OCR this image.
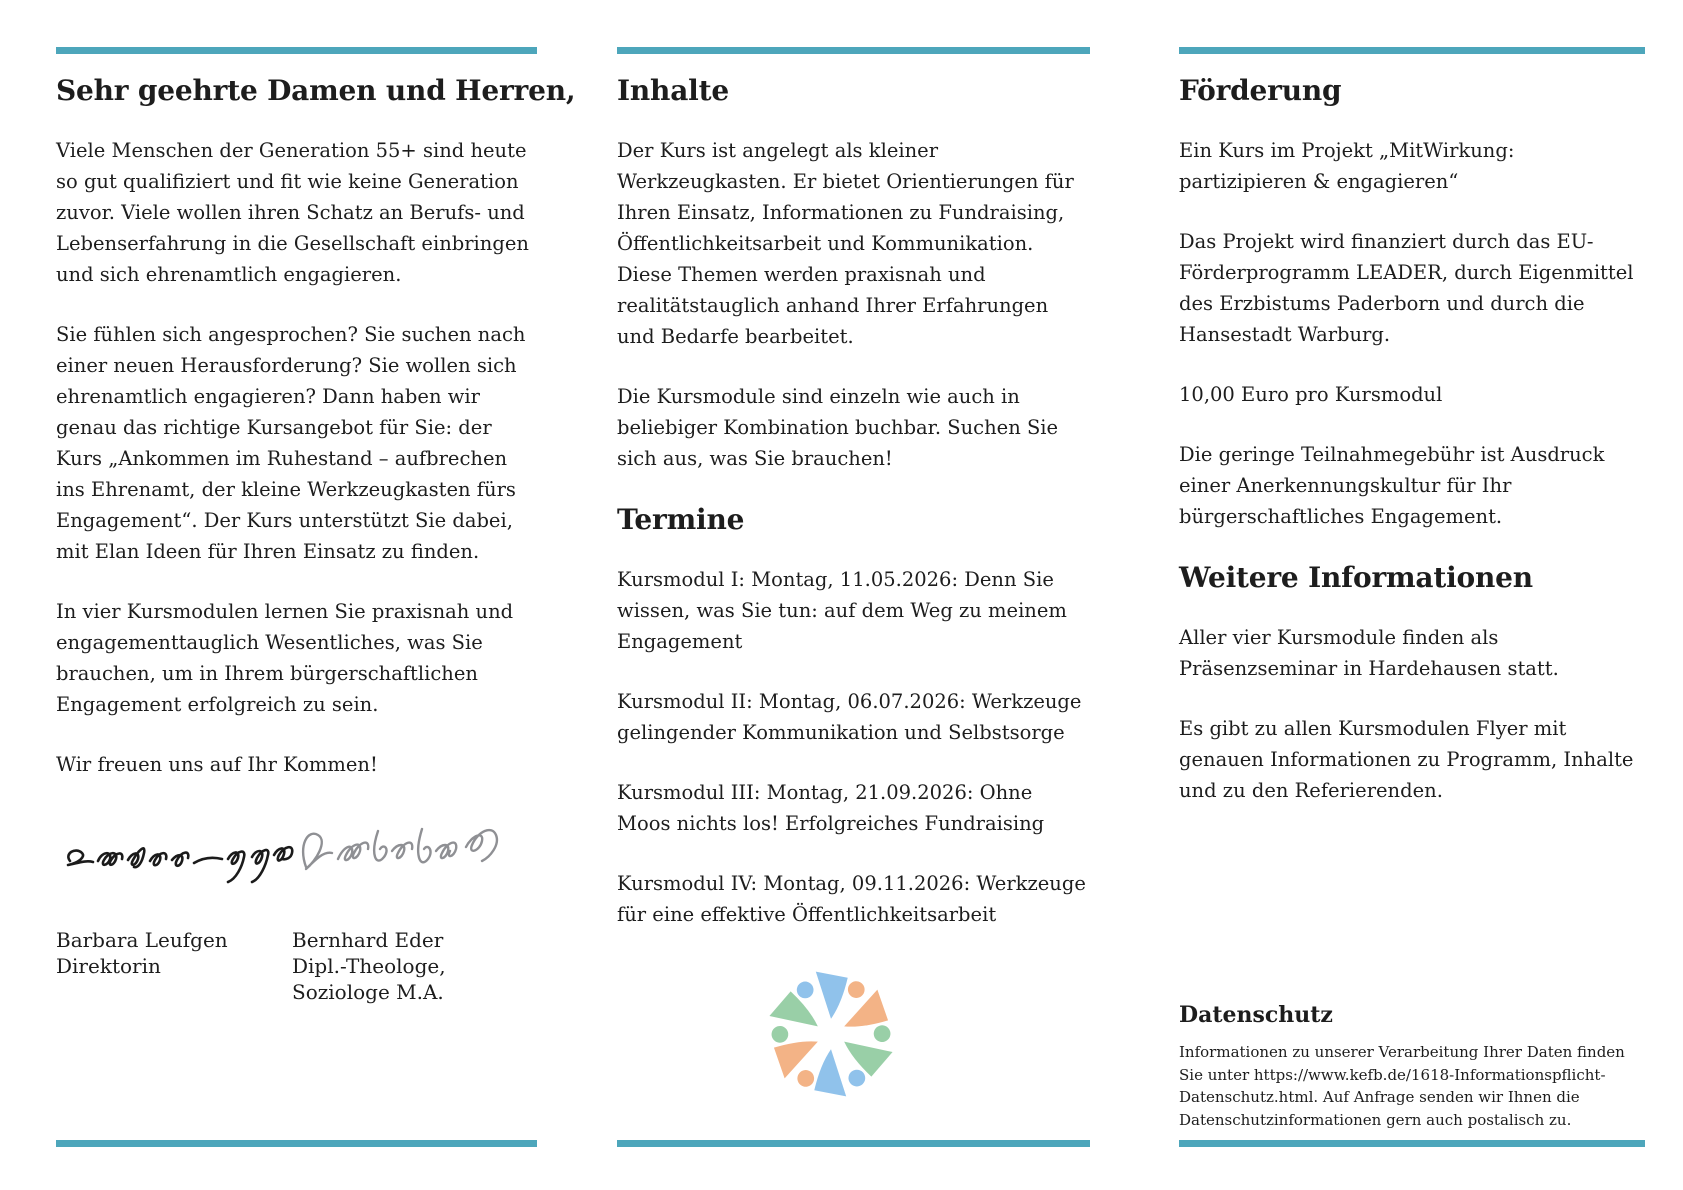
Sehr geehrte Damen und Herren,

Viele Menschen der Generation 55+ sind heute so gut qualifiziert und fit wie keine Generation zuvor. Viele wollen ihren Schatz an Berufs- und Lebenserfahrung in die Gesellschaft einbringen und sich ehrenamtlich engagieren.

Sie fühlen sich angesprochen? Sie suchen nach einer neuen Herausforderung? Sie wollen sich ehrenamtlich engagieren? Dann haben wir genau das richtige Kursangebot für Sie: der Kurs „Ankommen im Ruhestand – aufbrechen ins Ehrenamt, der kleine Werkzeugkasten fürs Engagement“. Der Kurs unterstützt Sie dabei, mit Elan Ideen für Ihren Einsatz zu finden.

In vier Kursmodulen lernen Sie praxisnah und engagementtauglich Wesentliches, was Sie brauchen, um in Ihrem bürgerschaftlichen Engagement erfolgreich zu sein.

Wir freuen uns auf Ihr Kommen!

Barbara Leufgen
Direktorin
Bernhard Eder
Dipl.-Theologe,
Soziologe M.A.
Inhalte

Der Kurs ist angelegt als kleiner Werkzeugkasten. Er bietet Orientierungen für Ihren Einsatz, Informationen zu Fundraising, Öffentlichkeitsarbeit und Kommunikation. Diese Themen werden praxisnah und realitätstauglich anhand Ihrer Erfahrungen und Bedarfe bearbeitet.

Die Kursmodule sind einzeln wie auch in beliebiger Kombination buchbar. Suchen Sie sich aus, was Sie brauchen!

Termine

Kursmodul I: Montag, 11.05.2026: Denn Sie wissen, was Sie tun: auf dem Weg zu meinem Engagement

Kursmodul II: Montag, 06.07.2026: Werkzeuge gelingender Kommunikation und Selbstsorge

Kursmodul III: Montag, 21.09.2026: Ohne Moos nichts los! Erfolgreiches Fundraising

Kursmodul IV: Montag, 09.11.2026: Werkzeuge für eine effektive Öffentlichkeitsarbeit

Förderung

Ein Kurs im Projekt „MitWirkung: partizipieren & engagieren“

Das Projekt wird finanziert durch das EU-Förderprogramm LEADER, durch Eigenmittel des Erzbistums Paderborn und durch die Hansestadt Warburg.

10,00 Euro pro Kursmodul

Die geringe Teilnahmegebühr ist Ausdruck einer Anerkennungskultur für Ihr bürgerschaftliches Engagement.

Weitere Informationen

Aller vier Kursmodule finden als Präsenzseminar in Hardehausen statt.

Es gibt zu allen Kursmodulen Flyer mit genauen Informationen zu Programm, Inhalte und zu den Referierenden.

Datenschutz

Informationen zu unserer Verarbeitung Ihrer Daten finden Sie unter https://www.kefb.de/1618-Informationspflicht-Datenschutz.html. Auf Anfrage senden wir Ihnen die Datenschutzinformationen gern auch postalisch zu.
